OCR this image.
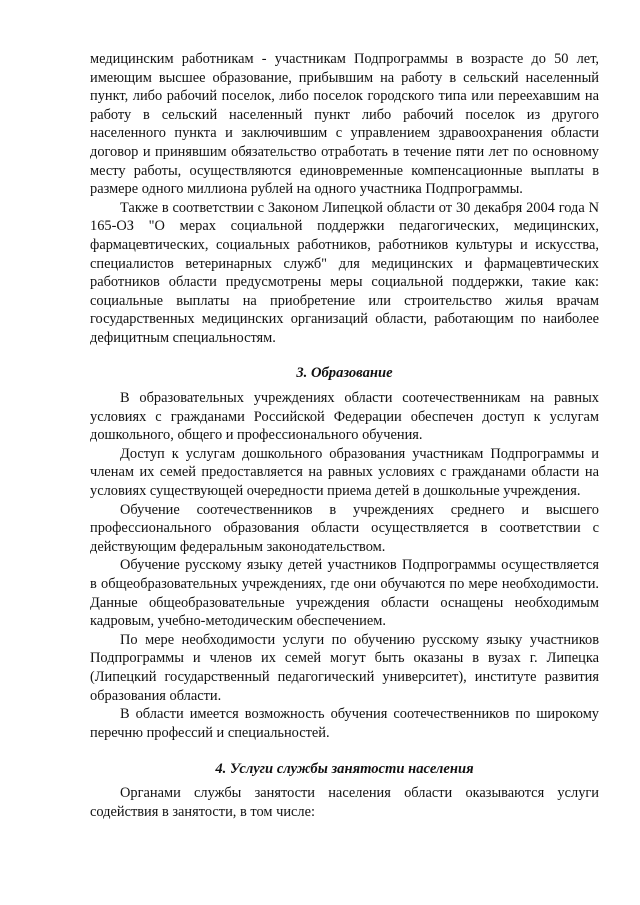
медицинским работникам - участникам Подпрограммы в возрасте до 50 лет, имеющим высшее образование, прибывшим на работу в сельский населенный пункт, либо рабочий поселок, либо поселок городского типа или переехавшим на работу в сельский населенный пункт либо рабочий поселок из другого населенного пункта и заключившим с управлением здравоохранения области договор и принявшим обязательство отработать в течение пяти лет по основному месту работы, осуществляются единовременные компенсационные выплаты в размере одного миллиона рублей на одного участника Подпрограммы.

Также в соответствии с Законом Липецкой области от 30 декабря 2004 года N 165-ОЗ "О мерах социальной поддержки педагогических, медицинских, фармацевтических, социальных работников, работников культуры и искусства, специалистов ветеринарных служб" для медицинских и фармацевтических работников области предусмотрены меры социальной поддержки, такие как: социальные выплаты на приобретение или строительство жилья врачам государственных медицинских организаций области, работающим по наиболее дефицитным специальностям.

3. Образование

В образовательных учреждениях области соотечественникам на равных условиях с гражданами Российской Федерации обеспечен доступ к услугам дошкольного, общего и профессионального обучения.

Доступ к услугам дошкольного образования участникам Подпрограммы и членам их семей предоставляется на равных условиях с гражданами области на условиях существующей очередности приема детей в дошкольные учреждения.

Обучение соотечественников в учреждениях среднего и высшего профессионального образования области осуществляется в соответствии с действующим федеральным законодательством.

Обучение русскому языку детей участников Подпрограммы осуществляется в общеобразовательных учреждениях, где они обучаются по мере необходимости. Данные общеобразовательные учреждения области оснащены необходимым кадровым, учебно-методическим обеспечением.

По мере необходимости услуги по обучению русскому языку участников Подпрограммы и членов их семей могут быть оказаны в вузах г. Липецка (Липецкий государственный педагогический университет), институте развития образования области.

В области имеется возможность обучения соотечественников по широкому перечню профессий и специальностей.

4. Услуги службы занятости населения

Органами службы занятости населения области оказываются услуги содействия в занятости, в том числе:
